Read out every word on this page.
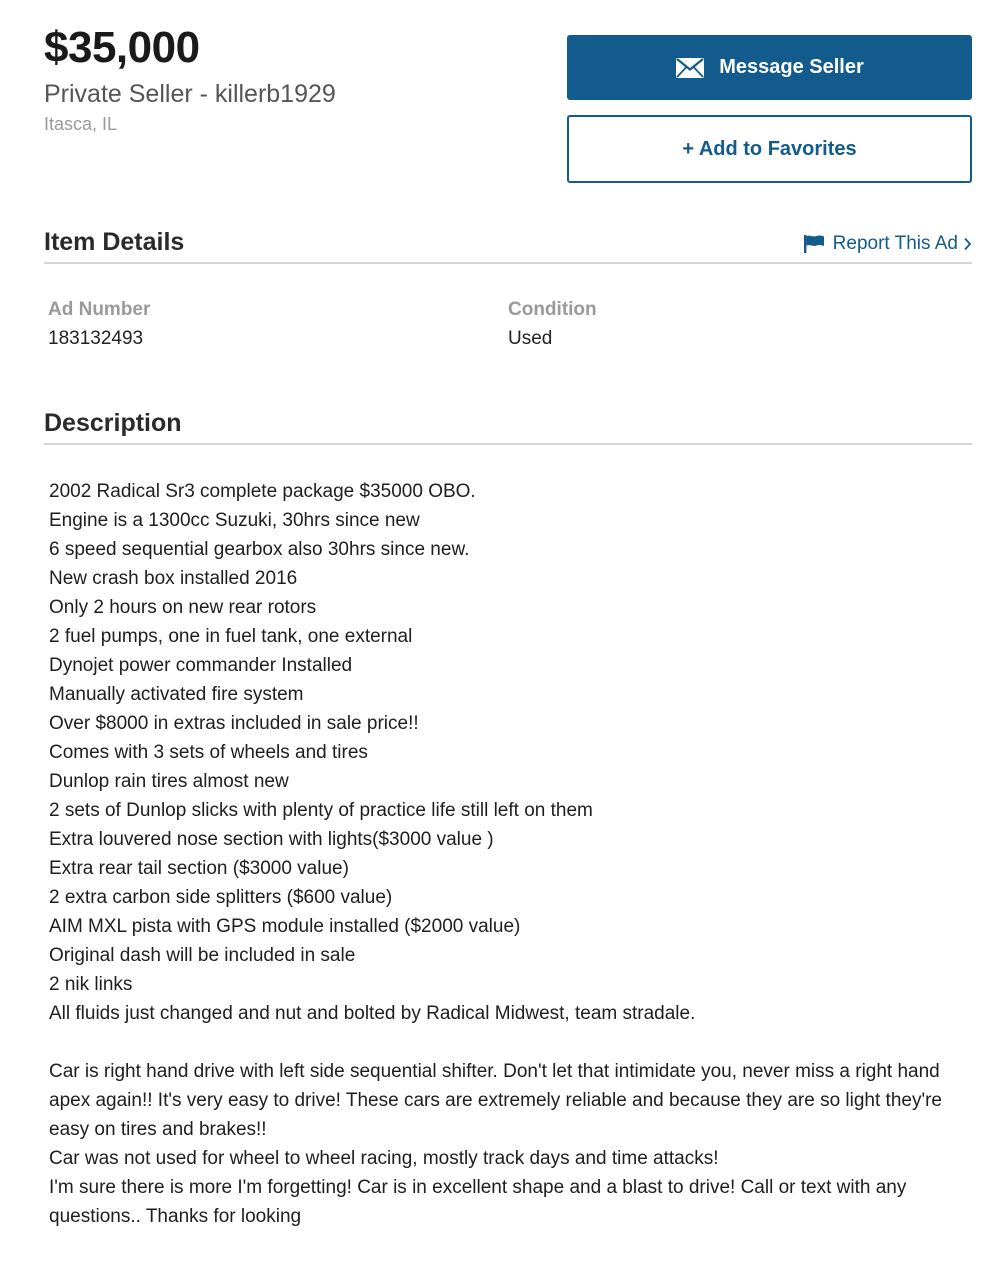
$35,000
Private Seller - killerb1929
Itasca, IL
Message Seller
+ Add to Favorites
Item Details	Report This Ad
Ad Number
183132493
Condition
Used
Description
2002 Radical Sr3 complete package $35000 OBO.
Engine is a 1300cc Suzuki, 30hrs since new
6 speed sequential gearbox also 30hrs since new.
New crash box installed 2016
Only 2 hours on new rear rotors
2 fuel pumps, one in fuel tank, one external
Dynojet power commander Installed
Manually activated fire system
Over $8000 in extras included in sale price!!
Comes with 3 sets of wheels and tires
Dunlop rain tires almost new
2 sets of Dunlop slicks with plenty of practice life still left on them
Extra louvered nose section with lights($3000 value )
Extra rear tail section ($3000 value)
2 extra carbon side splitters ($600 value)
AIM MXL pista with GPS module installed ($2000 value)
Original dash will be included in sale
2 nik links
All fluids just changed and nut and bolted by Radical Midwest, team stradale.
Car is right hand drive with left side sequential shifter. Don't let that intimidate you, never miss a right hand apex again!! It's very easy to drive! These cars are extremely reliable and because they are so light they're easy on tires and brakes!!
Car was not used for wheel to wheel racing, mostly track days and time attacks!
I'm sure there is more I'm forgetting! Car is in excellent shape and a blast to drive! Call or text with any questions.. Thanks for looking
